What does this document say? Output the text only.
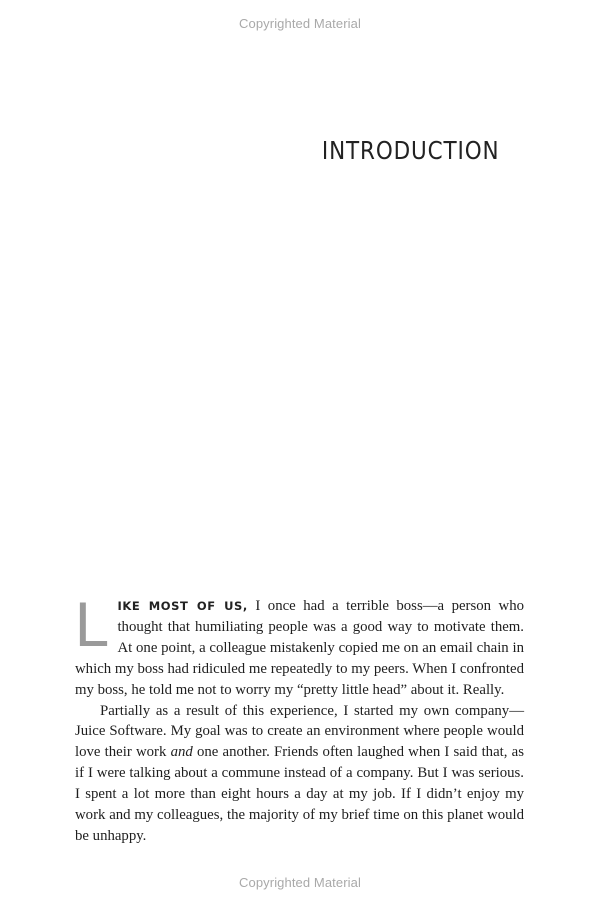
Copyrighted Material
INTRODUCTION

LIKE MOST OF US, I once had a terrible boss—a person who thought that humiliating people was a good way to motivate them. At one point, a colleague mistakenly copied me on an email chain in which my boss had ridiculed me repeatedly to my peers. When I confronted my boss, he told me not to worry my “pretty little head” about it. Really.

Partially as a result of this experience, I started my own company—Juice Software. My goal was to create an environment where people would love their work and one another. Friends often laughed when I said that, as if I were talking about a commune instead of a company. But I was serious. I spent a lot more than eight hours a day at my job. If I didn’t enjoy my work and my colleagues, the majority of my brief time on this planet would be unhappy.

Copyrighted Material
